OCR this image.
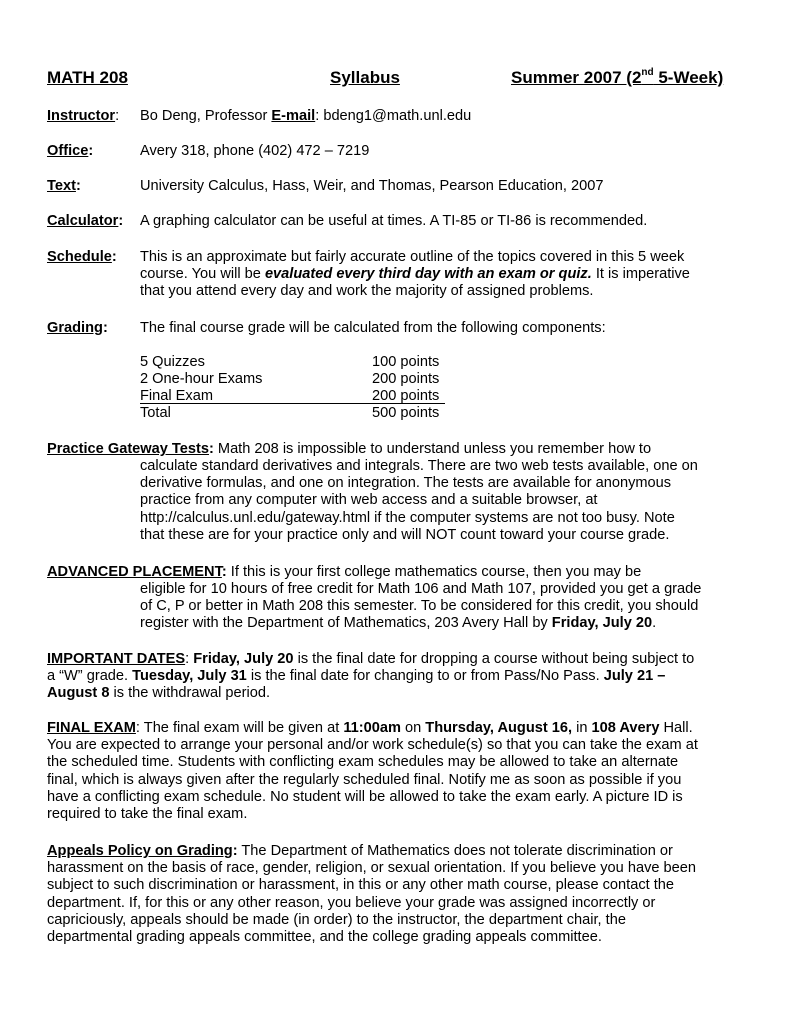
MATH 208	Syllabus	Summer 2007 (2nd 5-Week)
Instructor: Bo Deng, Professor E-mail: bdeng1@math.unl.edu
Office:	Avery 318, phone (402) 472 – 7219
Text:	University Calculus, Hass, Weir, and Thomas, Pearson Education, 2007
Calculator: A graphing calculator can be useful at times. A TI-85 or TI-86 is recommended.
Schedule: This is an approximate but fairly accurate outline of the topics covered in this 5 week
course. You will be evaluated every third day with an exam or quiz. It is imperative
that you attend every day and work the majority of assigned problems.
Grading: The final course grade will be calculated from the following components:
5 Quizzes	100 points
2 One-hour Exams	200 points
Final Exam	200 points
Total	500 points
Practice Gateway Tests: Math 208 is impossible to understand unless you remember how to
calculate standard derivatives and integrals. There are two web tests available, one on
derivative formulas, and one on integration. The tests are available for anonymous
practice from any computer with web access and a suitable browser, at
http://calculus.unl.edu/gateway.html if the computer systems are not too busy. Note
that these are for your practice only and will NOT count toward your course grade.
ADVANCED PLACEMENT: If this is your first college mathematics course, then you may be
eligible for 10 hours of free credit for Math 106 and Math 107, provided you get a grade
of C, P or better in Math 208 this semester. To be considered for this credit, you should
register with the Department of Mathematics, 203 Avery Hall by Friday, July 20.
IMPORTANT DATES: Friday, July 20 is the final date for dropping a course without being subject to
a “W” grade. Tuesday, July 31 is the final date for changing to or from Pass/No Pass. July 21 –
August 8 is the withdrawal period.
FINAL EXAM: The final exam will be given at 11:00am on Thursday, August 16, in 108 Avery Hall.
You are expected to arrange your personal and/or work schedule(s) so that you can take the exam at
the scheduled time. Students with conflicting exam schedules may be allowed to take an alternate
final, which is always given after the regularly scheduled final. Notify me as soon as possible if you
have a conflicting exam schedule. No student will be allowed to take the exam early. A picture ID is
required to take the final exam.
Appeals Policy on Grading: The Department of Mathematics does not tolerate discrimination or
harassment on the basis of race, gender, religion, or sexual orientation. If you believe you have been
subject to such discrimination or harassment, in this or any other math course, please contact the
department. If, for this or any other reason, you believe your grade was assigned incorrectly or
capriciously, appeals should be made (in order) to the instructor, the department chair, the
departmental grading appeals committee, and the college grading appeals committee.
